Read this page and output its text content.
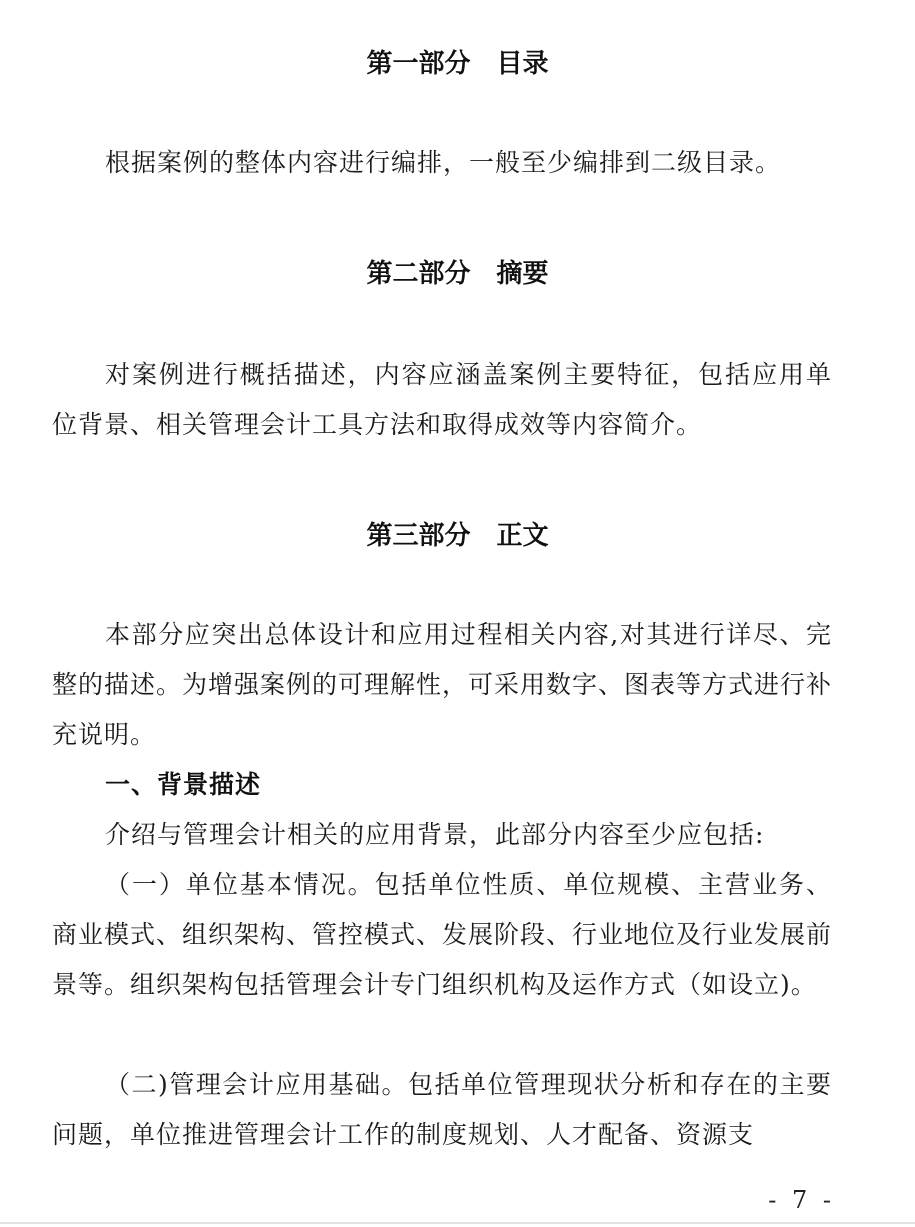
第一部分　目录

根据案例的整体内容进行编排，一般至少编排到二级目录。

第二部分　摘要

对案例进行概括描述，内容应涵盖案例主要特征，包括应用单位背景、相关管理会计工具方法和取得成效等内容简介。

第三部分　正文

本部分应突出总体设计和应用过程相关内容,对其进行详尽、完整的描述。为增强案例的可理解性，可采用数字、图表等方式进行补充说明。

一、背景描述

介绍与管理会计相关的应用背景，此部分内容至少应包括:

（一）单位基本情况。包括单位性质、单位规模、主营业务、商业模式、组织架构、管控模式、发展阶段、行业地位及行业发展前景等。组织架构包括管理会计专门组织机构及运作方式（如设立)。

（二)管理会计应用基础。包括单位管理现状分析和存在的主要问题，单位推进管理会计工作的制度规划、人才配备、资源支

- 7 -
